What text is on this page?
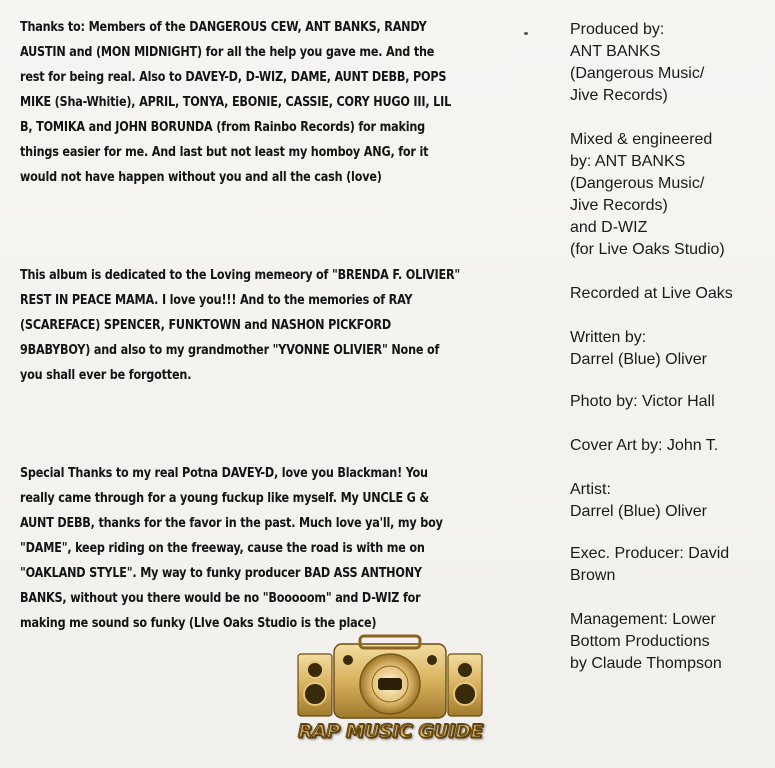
Thanks to: Members of the DANGEROUS CEW, ANT BANKS, RANDY AUSTIN and (MON MIDNIGHT) for all the help you gave me. And the rest for being real. Also to DAVEY-D, D-WIZ, DAME, AUNT DEBB, POPS MIKE (Sha-Whitie), APRIL, TONYA, EBONIE, CASSIE, CORY HUGO III, LIL B, TOMIKA and JOHN BORUNDA (from Rainbo Records) for making things easier for me. And last but not least my homboy ANG, for it would not have happen without you and all the cash (love)

This album is dedicated to the Loving memeory of "BRENDA F. OLIVIER" REST IN PEACE MAMA. I love you!!! And to the memories of RAY (SCAREFACE) SPENCER, FUNKTOWN and NASHON PICKFORD 9BABYBOY) and also to my grandmother "YVONNE OLIVIER" None of you shall ever be forgotten.

Special Thanks to my real Potna DAVEY-D, love you Blackman! You really came through for a young fuckup like myself. My UNCLE G & AUNT DEBB, thanks for the favor in the past. Much love ya'll, my boy "DAME", keep riding on the freeway, cause the road is with me on "OAKLAND STYLE". My way to funky producer BAD ASS ANTHONY BANKS, without you there would be no "Booooom" and D-WIZ for making me sound so funky (LIve Oaks Studio is the place)

Produced by:
ANT BANKS
(Dangerous Music/
Jive Records)
Mixed & engineered
by: ANT BANKS
(Dangerous Music/
Jive Records)
and D-WIZ
(for Live Oaks Studio)
Recorded at Live Oaks
Written by:
Darrel (Blue) Oliver
Photo by: Victor Hall
Cover Art by: John T.
Artist:
Darrel (Blue) Oliver
Exec. Producer: David
Brown
Management: Lower
Bottom Productions
by Claude Thompson
RAP MUSIC GUIDE
